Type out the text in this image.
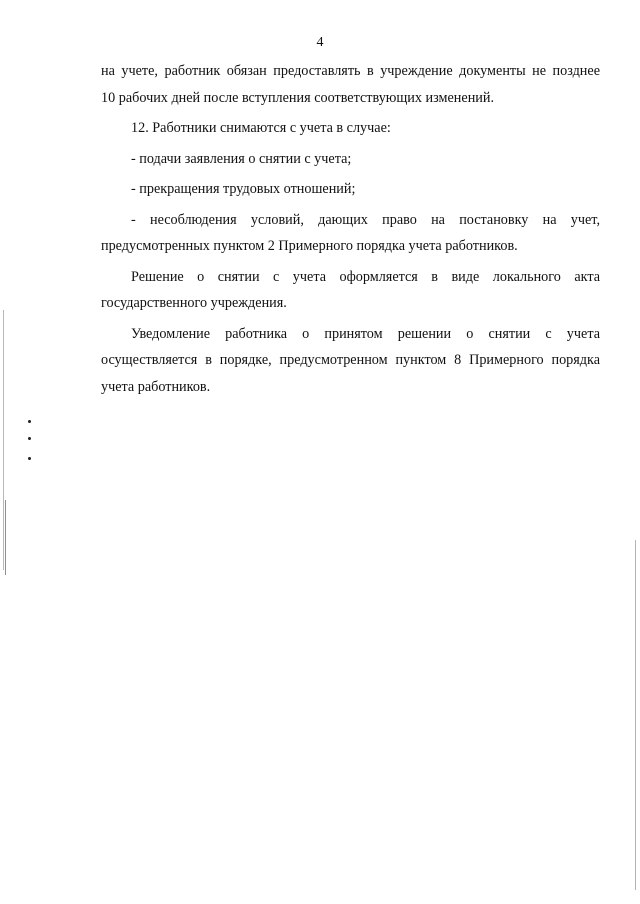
4

на учете, работник обязан предоставлять в учреждение документы не позднее
10 рабочих дней после вступления соответствующих изменений.

12. Работники снимаются с учета в случае:

- подачи заявления о снятии с учета;

- прекращения трудовых отношений;

- несоблюдения условий, дающих право на постановку на учет,
предусмотренных пунктом 2 Примерного порядка учета работников.

Решение о снятии с учета оформляется в виде локального акта
государственного учреждения.

Уведомление работника о принятом решении о снятии с учета
осуществляется в порядке, предусмотренном пунктом 8 Примерного порядка
учета работников.
